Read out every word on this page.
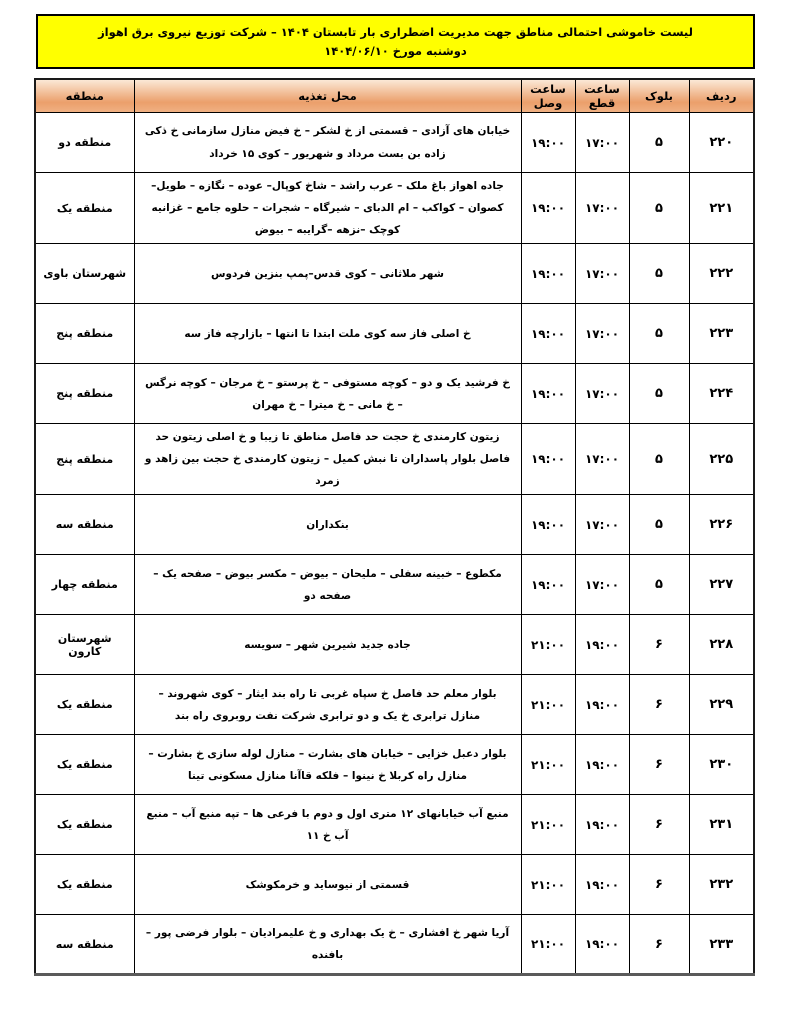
لیست خاموشی احتمالی مناطق جهت مدیریت اضطراری بار تابستان ۱۴۰۴ – شرکت توزیع نیروی برق اهواز
دوشنبه مورخ ۱۴۰۴/۰۶/۱۰
ردیف	بلوک	ساعت قطع	ساعت وصل	محل تغذیه	منطقه
۲۲۰	۵	۱۷:۰۰	۱۹:۰۰	خیابان های آزادی – قسمتی از خ لشکر – خ فیض منازل سازمانی خ ذکی زاده بن بست مرداد و شهریور – کوی ۱۵ خرداد	منطقه دو
۲۲۱	۵	۱۷:۰۰	۱۹:۰۰	جاده اهواز باغ ملک – عرب راشد – شاخ کوپال– عوده – نگازه – طویل–کصوان – کواکب – ام الدبای – شیرگاه – شجرات – حلوه جامع – غزانیه کوچک –نزهه –گرایبه – بیوض	منطقه یک
۲۲۲	۵	۱۷:۰۰	۱۹:۰۰	شهر ملاثانی – کوی قدس–پمپ بنزین فردوس	شهرستان باوی
۲۲۳	۵	۱۷:۰۰	۱۹:۰۰	خ اصلی فاز سه کوی ملت ابتدا تا انتها – بازارچه فاز سه	منطقه پنج
۲۲۴	۵	۱۷:۰۰	۱۹:۰۰	خ فرشید یک و دو – کوچه مستوفی – خ پرستو – خ مرجان – کوچه نرگس – خ مانی – خ میترا – خ مهران	منطقه پنج
۲۲۵	۵	۱۷:۰۰	۱۹:۰۰	زیتون کارمندی خ حجت حد فاصل مناطق تا زیبا و خ اصلی زیتون حد فاصل بلوار پاسداران تا نبش کمیل – زیتون کارمندی خ حجت بین زاهد و زمرد	منطقه پنج
۲۲۶	۵	۱۷:۰۰	۱۹:۰۰	بنکداران	منطقه سه
۲۲۷	۵	۱۷:۰۰	۱۹:۰۰	مکطوع – خبینه سفلی – ملیحان – بیوض – مکسر بیوض – صفحه یک – صفحه دو	منطقه چهار
۲۲۸	۶	۱۹:۰۰	۲۱:۰۰	جاده جدید شیرین شهر – سویسه	شهرستان کارون
۲۲۹	۶	۱۹:۰۰	۲۱:۰۰	بلوار معلم حد فاصل خ سپاه غربی تا راه بند ایثار – کوی شهروند – منازل ترابری خ یک و دو ترابری شرکت نفت روبروی راه بند	منطقه یک
۲۳۰	۶	۱۹:۰۰	۲۱:۰۰	بلوار دعبل خزایی – خیابان های بشارت – منازل لوله سازی خ بشارت – منازل راه کربلا خ نینوا – فلکه قاآنا منازل مسکونی تینا	منطقه یک
۲۳۱	۶	۱۹:۰۰	۲۱:۰۰	منبع آب خیابانهای ۱۲ متری اول و دوم با فرعی ها – تپه منبع آب – منبع آب خ ۱۱	منطقه یک
۲۳۲	۶	۱۹:۰۰	۲۱:۰۰	قسمتی از نیوساید و خرمکوشک	منطقه یک
۲۳۳	۶	۱۹:۰۰	۲۱:۰۰	آریا شهر خ افشاری – خ یک بهداری و خ علیمرادیان – بلوار فرضی پور – بافنده	منطقه سه
